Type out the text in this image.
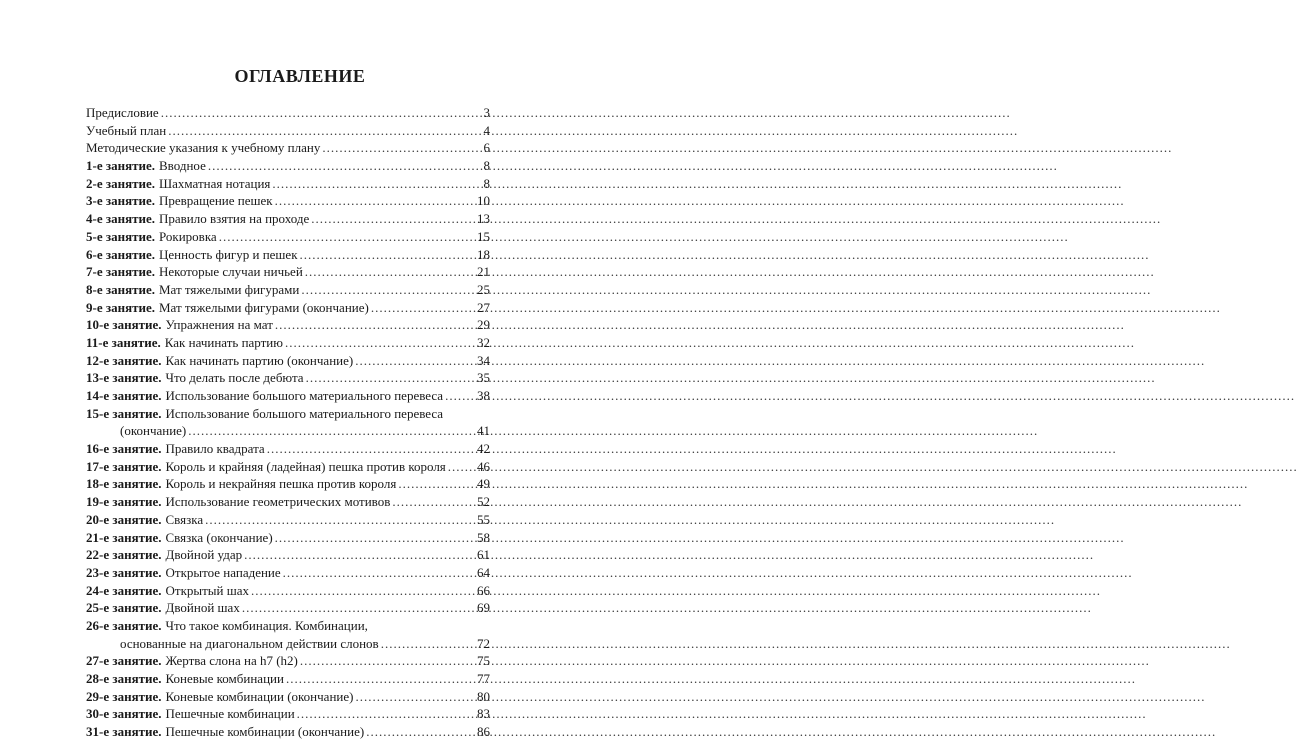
ОГЛАВЛЕНИЕ
Предисловие .....	3
Учебный план .....	4
Методические указания к учебному плану .....	6
1-е занятие. Вводное .....	8
2-е занятие. Шахматная нотация .....	8
3-е занятие. Превращение пешек .....	10
4-е занятие. Правило взятия на проходе .....	13
5-е занятие. Рокировка .....	15
6-е занятие. Ценность фигур и пешек .....	18
7-е занятие. Некоторые случаи ничьей .....	21
8-е занятие. Мат тяжелыми фигурами .....	25
9-е занятие. Мат тяжелыми фигурами (окончание) .....	27
10-е занятие. Упражнения на мат .....	29
11-е занятие. Как начинать партию .....	32
12-е занятие. Как начинать партию (окончание) .....	34
13-е занятие. Что делать после дебюта .....	35
14-е занятие. Использование большого материального перевеса .....	38
15-е занятие. Использование большого материального перевеса
(окончание) .....	41
16-е занятие. Правило квадрата .....	42
17-е занятие. Король и крайняя (ладейная) пешка против короля ..... 46
18-е занятие. Король и некрайняя пешка против короля .....	49
19-е занятие. Использование геометрических мотивов .....	52
20-е занятие. Связка .....	55
21-е занятие. Связка (окончание) .....	58
22-е занятие. Двойной удар .....	61
23-е занятие. Открытое нападение .....	64
24-е занятие. Открытый шах .....	66
25-е занятие. Двойной шах .....	69
26-е занятие. Что такое комбинация. Комбинации,
основанные на диагональном действии слонов .....	72
27-е занятие. Жертва слона на h7 (h2) .....	75
28-е занятие. Коневые комбинации .....	77
29-е занятие. Коневые комбинации (окончание) .....	80
30-е занятие. Пешечные комбинации .....	83
31-е занятие. Пешечные комбинации (окончание) .....	86
